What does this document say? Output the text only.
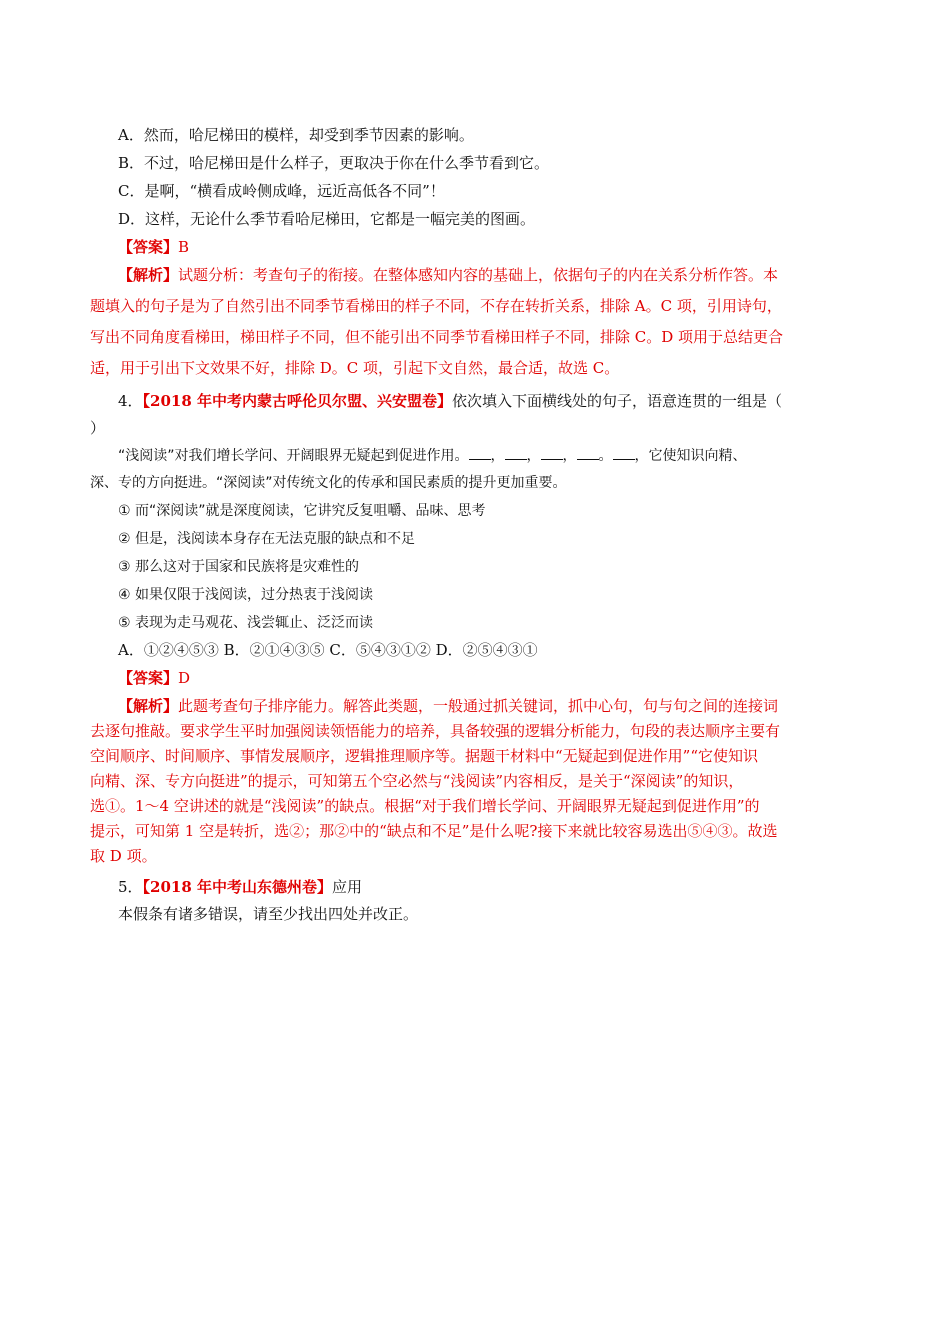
A．然而，哈尼梯田的模样，却受到季节因素的影响。
B．不过，哈尼梯田是什么样子，更取决于你在什么季节看到它。
C．是啊，“横看成岭侧成峰，远近高低各不同”！
D．这样，无论什么季节看哈尼梯田，它都是一幅完美的图画。
【答案】B
【解析】试题分析：考查句子的衔接。在整体感知内容的基础上，依据句子的内在关系分析作答。本
题填入的句子是为了自然引出不同季节看梯田的样子不同，不存在转折关系，排除 A。C 项，引用诗句，
写出不同角度看梯田，梯田样子不同，但不能引出不同季节看梯田样子不同，排除 C。D 项用于总结更合
适，用于引出下文效果不好，排除 D。C 项，引起下文自然，最合适，故选 C。
4．【2018 年中考内蒙古呼伦贝尔盟、兴安盟卷】依次填入下面横线处的句子，语意连贯的一组是（
）
“浅阅读”对我们增长学问、开阔眼界无疑起到促进作用。 ， ， ， 。 ，它使知识向精、
深、专的方向挺进。“深阅读”对传统文化的传承和国民素质的提升更加重要。
① 而“深阅读”就是深度阅读，它讲究反复咀嚼、品味、思考
② 但是，浅阅读本身存在无法克服的缺点和不足
③ 那么这对于国家和民族将是灾难性的
④ 如果仅限于浅阅读，过分热衷于浅阅读
⑤ 表现为走马观花、浅尝辄止、泛泛而读
A．①②④⑤③ B．②①④③⑤ C．⑤④③①② D．②⑤④③①
【答案】D
【解析】此题考查句子排序能力。解答此类题，一般通过抓关键词，抓中心句，句与句之间的连接词
去逐句推敲。要求学生平时加强阅读领悟能力的培养，具备较强的逻辑分析能力，句段的表达顺序主要有
空间顺序、时间顺序、事情发展顺序，逻辑推理顺序等。据题干材料中“无疑起到促进作用”“它使知识
向精、深、专方向挺进”的提示，可知第五个空必然与“浅阅读”内容相反，是关于“深阅读”的知识，
选①。1～4 空讲述的就是“浅阅读”的缺点。根据“对于我们增长学问、开阔眼界无疑起到促进作用”的
提示，可知第 1 空是转折，选②；那②中的“缺点和不足”是什么呢?接下来就比较容易选出⑤④③。故选
取 D 项。
5．【2018 年中考山东德州卷】应用
本假条有诸多错误，请至少找出四处并改正。
